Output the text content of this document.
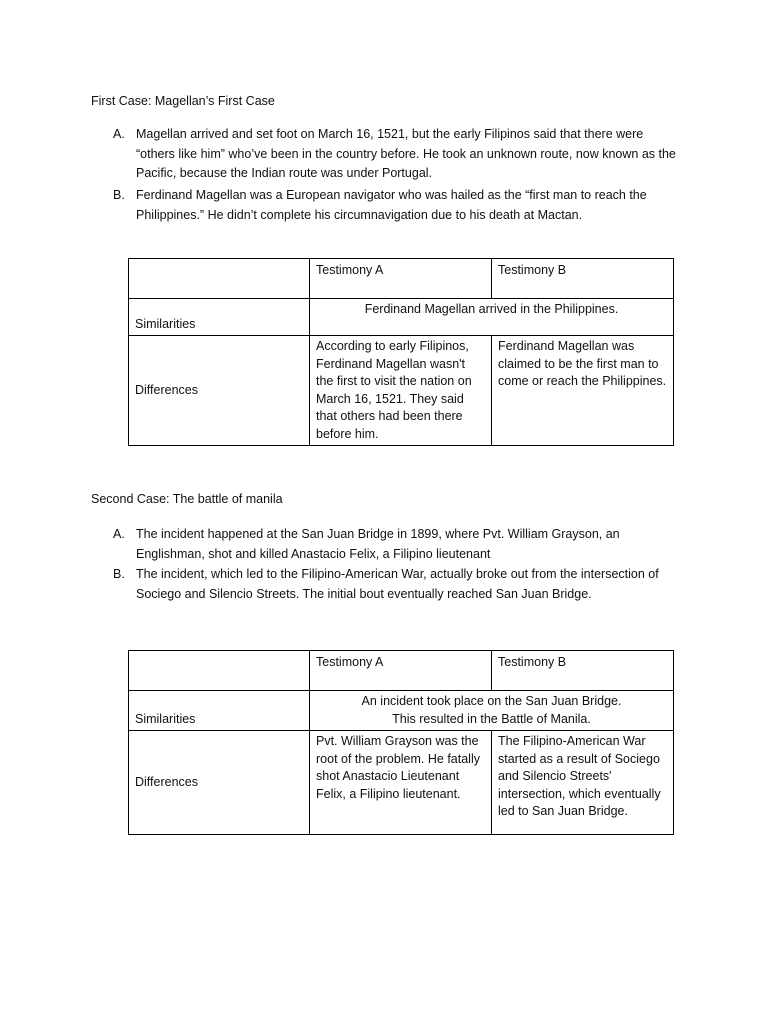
First Case: Magellan’s First Case
A. Magellan arrived and set foot on March 16, 1521, but the early Filipinos said that there were “others like him” who’ve been in the country before. He took an unknown route, now known as the Pacific, because the Indian route was under Portugal.
B. Ferdinand Magellan was a European navigator who was hailed as the “first man to reach the Philippines.” He didn’t complete his circumnavigation due to his death at Mactan.
	Testimony A	Testimony B
Similarities	Ferdinand Magellan arrived in the Philippines.	
Differences	According to early Filipinos, Ferdinand Magellan wasn't the first to visit the nation on March 16, 1521. They said that others had been there before him.	Ferdinand Magellan was claimed to be the first man to come or reach the Philippines.
Second Case: The battle of manila
A. The incident happened at the San Juan Bridge in 1899, where Pvt. William Grayson, an Englishman, shot and killed Anastacio Felix, a Filipino lieutenant
B. The incident, which led to the Filipino-American War, actually broke out from the intersection of Sociego and Silencio Streets. The initial bout eventually reached San Juan Bridge.
	Testimony A	Testimony B
Similarities	An incident took place on the San Juan Bridge.
This resulted in the Battle of Manila.	
Differences	Pvt. William Grayson was the root of the problem. He fatally shot Anastacio Lieutenant Felix, a Filipino lieutenant.	The Filipino-American War started as a result of Sociego and Silencio Streets' intersection, which eventually led to San Juan Bridge.
